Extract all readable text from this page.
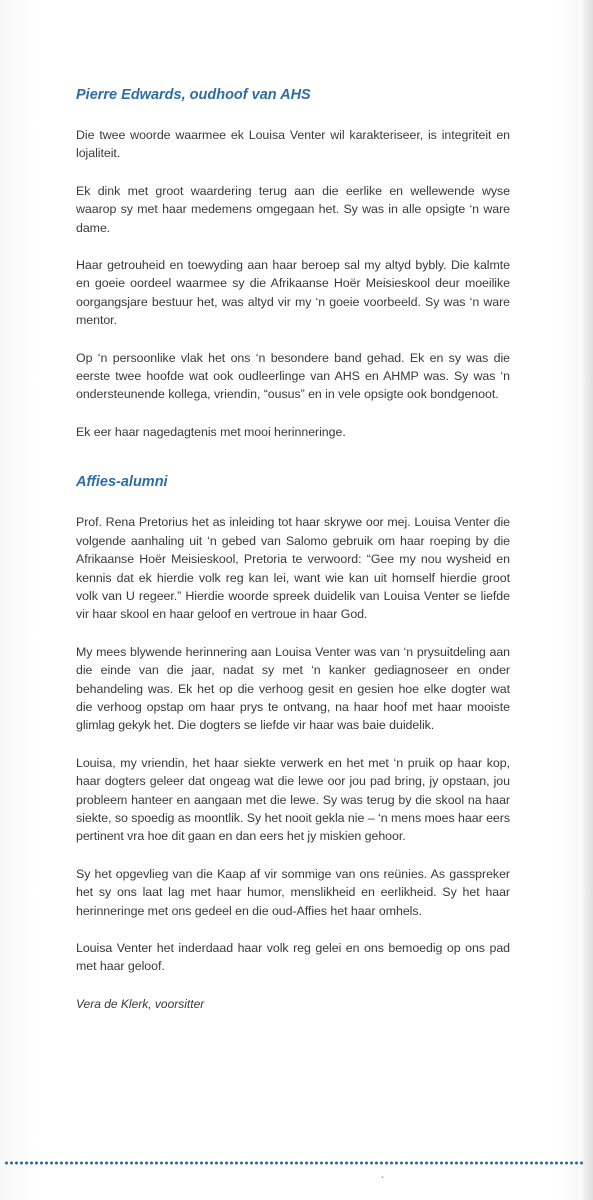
Pierre Edwards, oudhoof van AHS

Die twee woorde waarmee ek Louisa Venter wil karakteriseer, is integriteit en lojaliteit.

Ek dink met groot waardering terug aan die eerlike en wellewende wyse waarop sy met haar medemens omgegaan het. Sy was in alle opsigte ‘n ware dame.

Haar getrouheid en toewyding aan haar beroep sal my altyd bybly. Die kalmte en goeie oordeel waarmee sy die Afrikaanse Hoër Meisieskool deur moeilike oorgangsjare bestuur het, was altyd vir my ‘n goeie voorbeeld. Sy was ‘n ware mentor.

Op ‘n persoonlike vlak het ons ‘n besondere band gehad. Ek en sy was die eerste twee hoofde wat ook oudleerlinge van AHS en AHMP was. Sy was ‘n ondersteunende kollega, vriendin, “ousus” en in vele opsigte ook bondgenoot.

Ek eer haar nagedagtenis met mooi herinneringe.

Affies-alumni

Prof. Rena Pretorius het as inleiding tot haar skrywe oor mej. Louisa Venter die volgende aanhaling uit ‘n gebed van Salomo gebruik om haar roeping by die Afrikaanse Hoër Meisieskool, Pretoria te verwoord: “Gee my nou wysheid en kennis dat ek hierdie volk reg kan lei, want wie kan uit homself hierdie groot volk van U regeer.” Hierdie woorde spreek duidelik van Louisa Venter se liefde vir haar skool en haar geloof en vertroue in haar God.

My mees blywende herinnering aan Louisa Venter was van ‘n prysuitdeling aan die einde van die jaar, nadat sy met ‘n kanker gediagnoseer en onder behandeling was. Ek het op die verhoog gesit en gesien hoe elke dogter wat die verhoog opstap om haar prys te ontvang, na haar hoof met haar mooiste glimlag gekyk het. Die dogters se liefde vir haar was baie duidelik.

Louisa, my vriendin, het haar siekte verwerk en het met ‘n pruik op haar kop, haar dogters geleer dat ongeag wat die lewe oor jou pad bring, jy opstaan, jou probleem hanteer en aangaan met die lewe. Sy was terug by die skool na haar siekte, so spoedig as moontlik. Sy het nooit gekla nie – ‘n mens moes haar eers pertinent vra hoe dit gaan en dan eers het jy miskien gehoor.

Sy het opgevlieg van die Kaap af vir sommige van ons reünies. As gasspreker het sy ons laat lag met haar humor, menslikheid en eerlikheid. Sy het haar herinneringe met ons gedeel en die oud-Affies het haar omhels.

Louisa Venter het inderdaad haar volk reg gelei en ons bemoedig op ons pad met haar geloof.

Vera de Klerk, voorsitter

`
